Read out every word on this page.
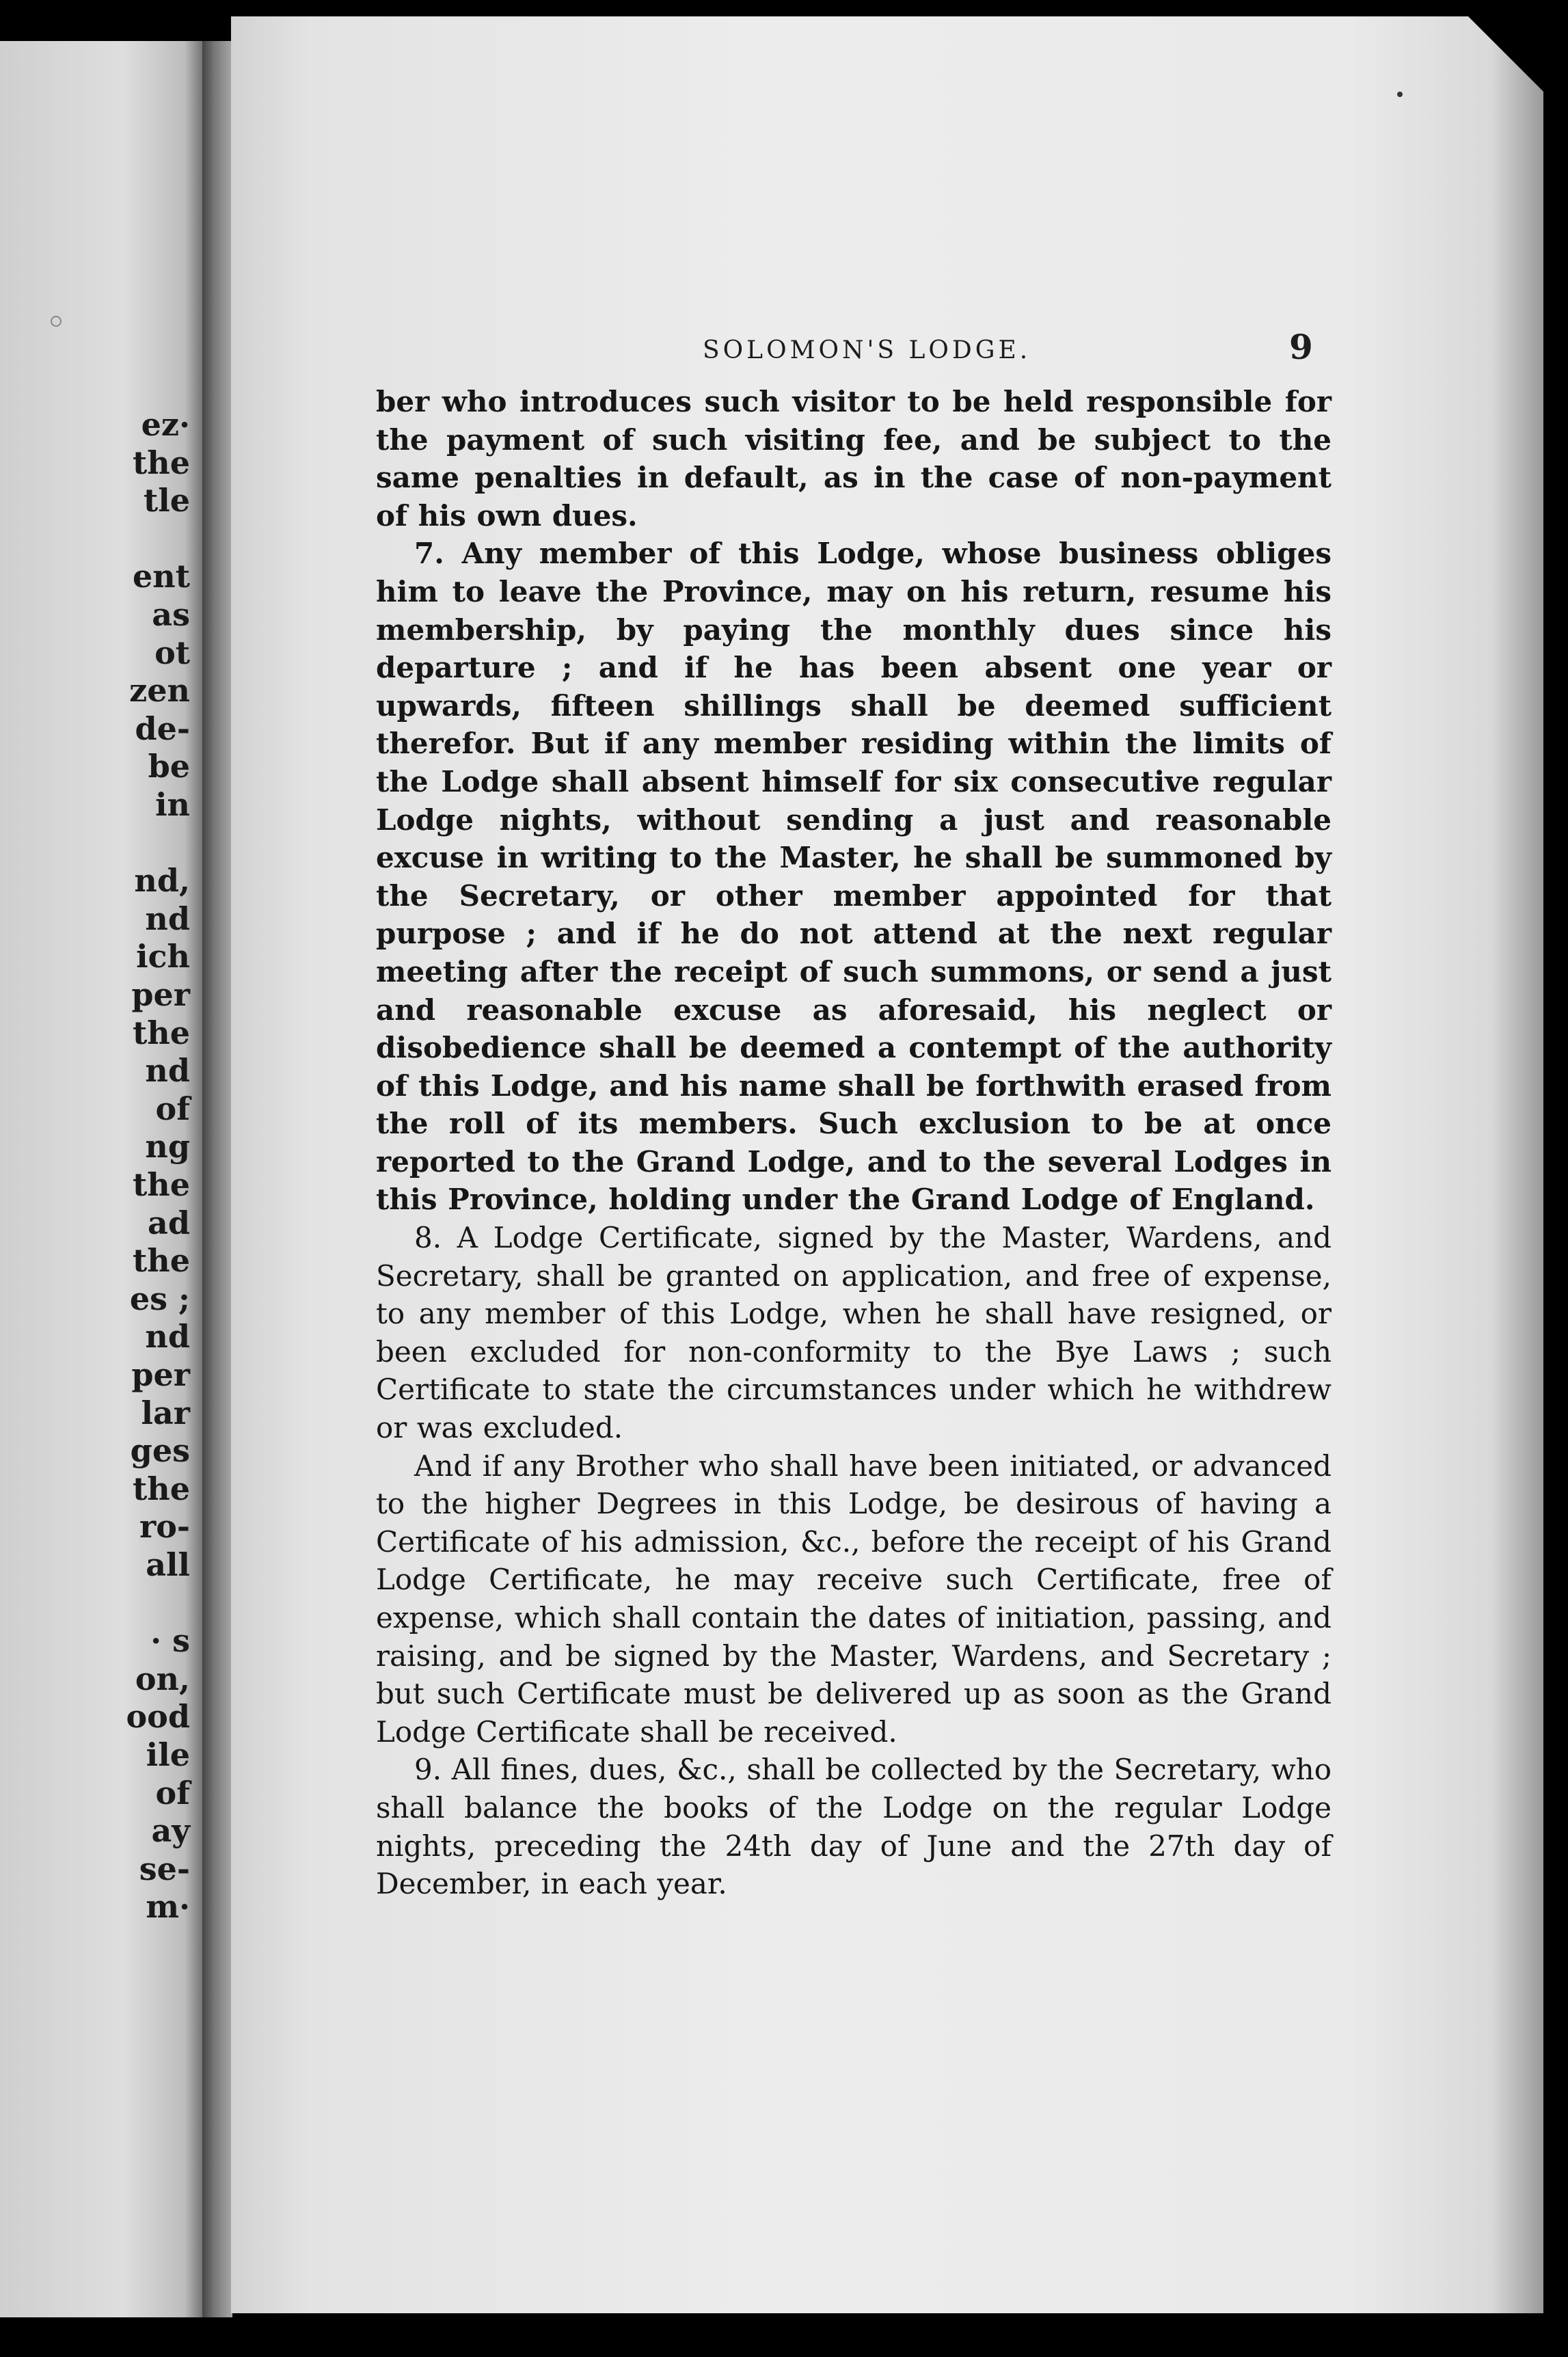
ez·
the
tle
ent
as
ot
zen
de-
be
in
nd,
nd
ich
per
the
nd
of
ng
the
ad
the
es ;
nd
per
lar
ges
the
ro-
all
· s
on,
ood
ile
of
ay
se-
m·
SOLOMON'S LODGE.	9

ber who introduces such visitor to be held responsible for the payment of such visiting fee, and be subject to the same penalties in default, as in the case of non-payment of his own dues.

7. Any member of this Lodge, whose business obliges him to leave the Province, may on his return, resume his membership, by paying the monthly dues since his departure ; and if he has been absent one year or upwards, fifteen shillings shall be deemed sufficient therefor. But if any member residing within the limits of the Lodge shall absent himself for six consecutive regular Lodge nights, without sending a just and reasonable excuse in writing to the Master, he shall be summoned by the Secretary, or other member appointed for that purpose ; and if he do not attend at the next regular meeting after the receipt of such summons, or send a just and reasonable excuse as aforesaid, his neglect or disobedience shall be deemed a contempt of the authority of this Lodge, and his name shall be forthwith erased from the roll of its members. Such exclusion to be at once reported to the Grand Lodge, and to the several Lodges in this Province, holding under the Grand Lodge of England.

8. A Lodge Certificate, signed by the Master, Wardens, and Secretary, shall be granted on application, and free of expense, to any member of this Lodge, when he shall have resigned, or been excluded for non-conformity to the Bye Laws ; such Certificate to state the circumstances under which he withdrew or was excluded.

And if any Brother who shall have been initiated, or advanced to the higher Degrees in this Lodge, be desirous of having a Certificate of his admission, &c., before the receipt of his Grand Lodge Certificate, he may receive such Certificate, free of expense, which shall contain the dates of initiation, passing, and raising, and be signed by the Master, Wardens, and Secretary ; but such Certificate must be delivered up as soon as the Grand Lodge Certificate shall be received.

9. All fines, dues, &c., shall be collected by the Secretary, who shall balance the books of the Lodge on the regular Lodge nights, preceding the 24th day of June and the 27th day of December, in each year.
